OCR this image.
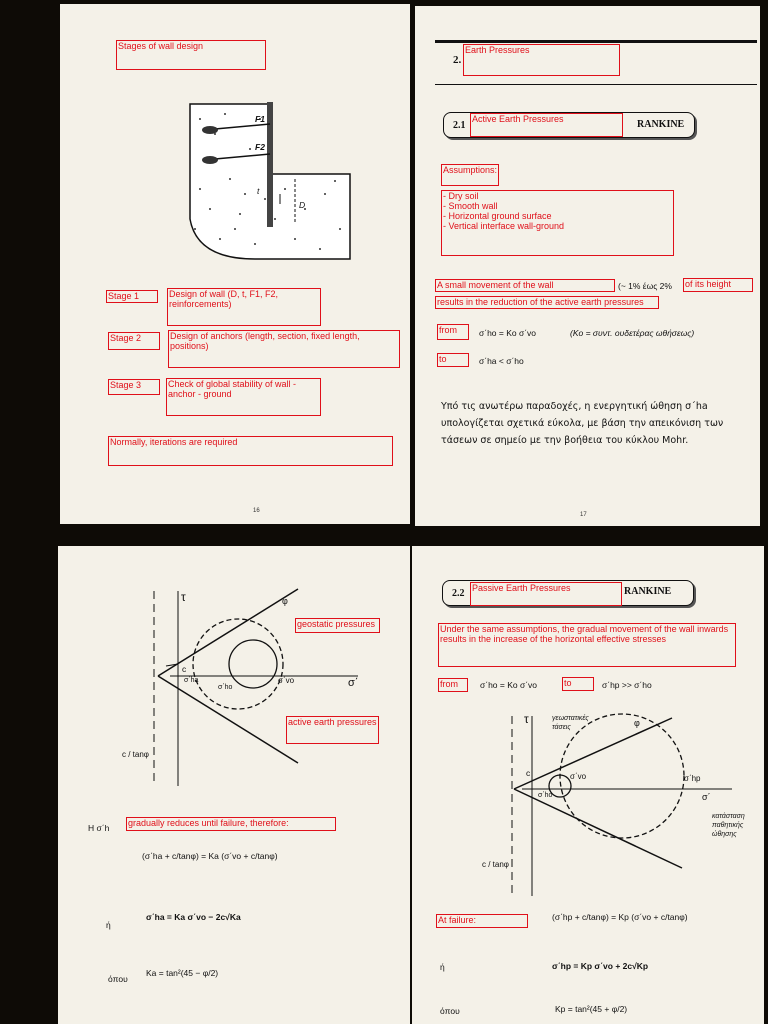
Stages of wall design
F1
F2
t
D
Stage 1	Design of wall (D, t, F1, F2,
reinforcements)
Stage 2	Design of anchors (length, section, fixed length, positions)
Stage 3	Check of global stability of wall -
anchor - ground
Normally, iterations are required
16
2.
Earth Pressures
2.1
Active Earth Pressures	RANKINE
Assumptions:
- Dry soil
- Smooth wall
- Horizontal ground surface
- Vertical interface wall-ground
A small movement of the wall	(~ 1% έως 2% of its height
results in the reduction of the active earth pressures
from	σ΄ho = Ko σ΄vo	(Ko = συντ. ουδετέρας ωθήσεως)
to	σ΄ha < σ΄ho
Υπό τις ανωτέρω παραδοχές, η ενεργητική ώθηση σ΄ha υπολογίζεται σχετικά εύκολα, με βάση την απεικόνιση των τάσεων σε σημείο με την βοήθεια του κύκλου Mohr.
17
τ	φ
c
σ΄ha
σ΄ho
σ΄vo	σ΄
c / tanφ
geostatic pressures
active earth pressures
H σ΄h gradually reduces until failure, therefore:
(σ΄ha + c/tanφ) = Ka (σ΄vo + c/tanφ)
ή
σ΄ha = Ka σ΄vo − 2c√Ka
όπου
Ka = tan²(45 − φ/2)
2.2 Passive Earth Pressures	RANKINE
Under the same assumptions, the gradual movement of the wall inwards
results in the increase of the horizontal effective stresses
from	σ΄ho = Ko σ΄vo	to	σ΄hp >> σ΄ho
τ	φ
γεωστατικές
τάσεις
c
σ΄ho
σ΄vo	σ΄hp
σ΄
κατάσταση
παθητικής
ώθησης
c / tanφ
At failure:	(σ΄hp + c/tanφ) = Kp (σ΄vo + c/tanφ)
ή	σ΄hp = Kp σ΄vo + 2c√Kp
όπου	Kp = tan²(45 + φ/2)
